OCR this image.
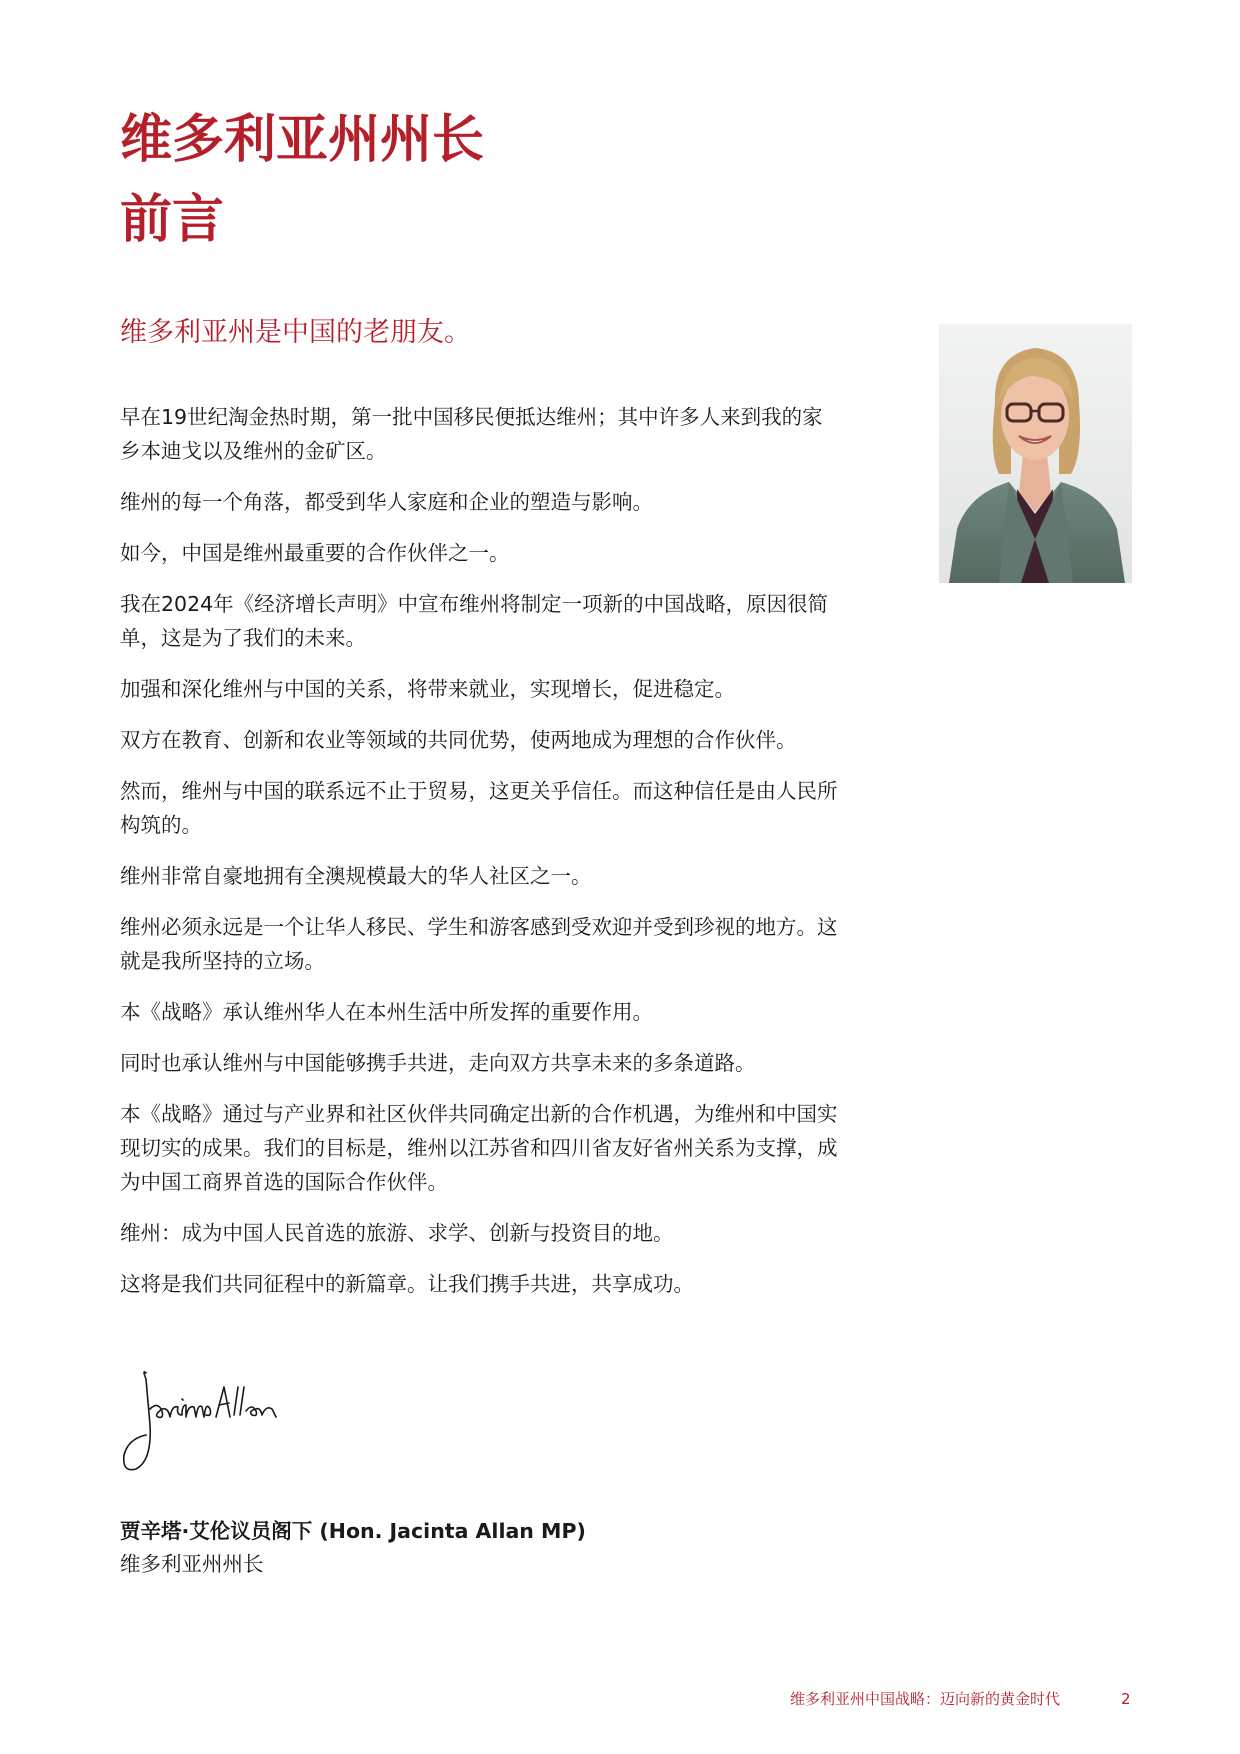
维多利亚州州长
前言
维多利亚州是中国的老朋友。

早在19世纪淘金热时期，第一批中国移民便抵达维州；其中许多人来到我的家乡本迪戈以及维州的金矿区。

维州的每一个角落，都受到华人家庭和企业的塑造与影响。

如今，中国是维州最重要的合作伙伴之一。

我在2024年《经济增长声明》中宣布维州将制定一项新的中国战略，原因很简单，这是为了我们的未来。

加强和深化维州与中国的关系，将带来就业，实现增长，促进稳定。

双方在教育、创新和农业等领域的共同优势，使两地成为理想的合作伙伴。

然而，维州与中国的联系远不止于贸易，这更关乎信任。而这种信任是由人民所构筑的。

维州非常自豪地拥有全澳规模最大的华人社区之一。

维州必须永远是一个让华人移民、学生和游客感到受欢迎并受到珍视的地方。这就是我所坚持的立场。

本《战略》承认维州华人在本州生活中所发挥的重要作用。

同时也承认维州与中国能够携手共进，走向双方共享未来的多条道路。

本《战略》通过与产业界和社区伙伴共同确定出新的合作机遇，为维州和中国实现切实的成果。我们的目标是，维州以江苏省和四川省友好省州关系为支撑，成为中国工商界首选的国际合作伙伴。

维州：成为中国人民首选的旅游、求学、创新与投资目的地。

这将是我们共同征程中的新篇章。让我们携手共进，共享成功。

贾辛塔·艾伦议员阁下 (Hon. Jacinta Allan MP)
维多利亚州州长
维多利亚州中国战略：迈向新的黄金时代	2
